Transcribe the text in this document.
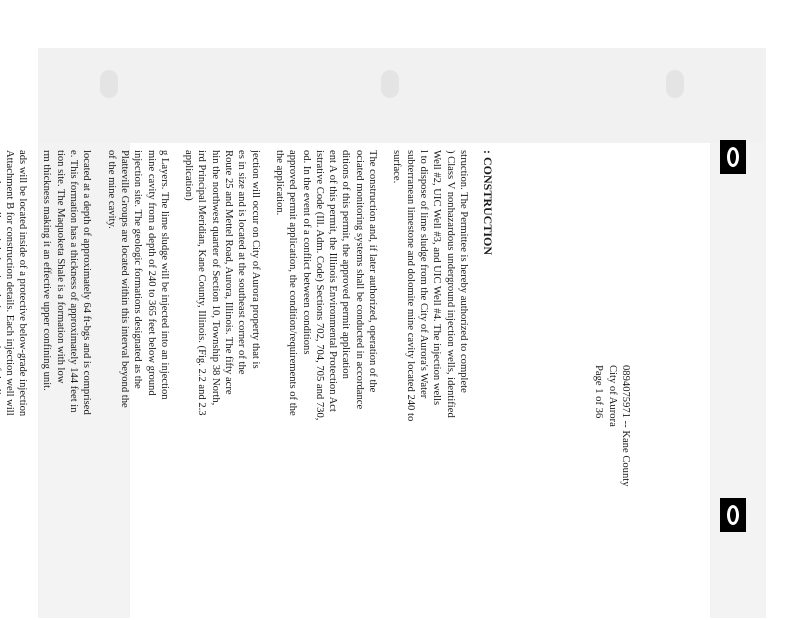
0894075971 -- Kane County
City of Aurora
Page 1 of 36
: CONSTRUCTION
struction. The Permittee is hereby authorized to complete
) Class V nonhazardous underground injection wells, identified
Well #2, UIC Well #3, and UIC Well #4. The injection wells
l to dispose of lime sludge from the City of Aurora's Water
subterranean limestone and dolomite mine cavity located 240 to
surface.
The construction and, if later authorized, operation of the
ociated monitoring systems shall be conducted in accordance
ditions of this permit, the approved permit application
ent A of this permit, the Illinois Environmental Protection Act
istrative Code (Ill. Adm. Code) Sections 702, 704, 705 and 730,
od. In the event of a conflict between conditions
approved permit application, the condition/requirements of the
the application.
jection will occur on City of Aurora property that is
es in size and is located at the southeast corner of the
Route 25 and Mettel Road, Aurora, Illinois. The fifty acre
hin the northwest quarter of Section 10, Township 38 North,
ird Principal Meridian, Kane County, Illinois. (Fig. 2.2 and 2.3
application)
g Layers. The lime sludge will be injected into an injection
mine cavity from a depth of 240 to 365 feet below ground
injection site. The geologic formations designated as the
Platteville Groups are located within this interval beyond the
of the mine cavity.
located at a depth of approximately 64 ft-bgs and is comprised
e. This formation has a thickness of approximately 144 feet in
tion site. The Maquoketa Shale is a formation with low
rm thickness making it an effective upper confining unit.
ads will be located inside of a protective below-grade injection
Attachment B for construction details. Each injection well will
